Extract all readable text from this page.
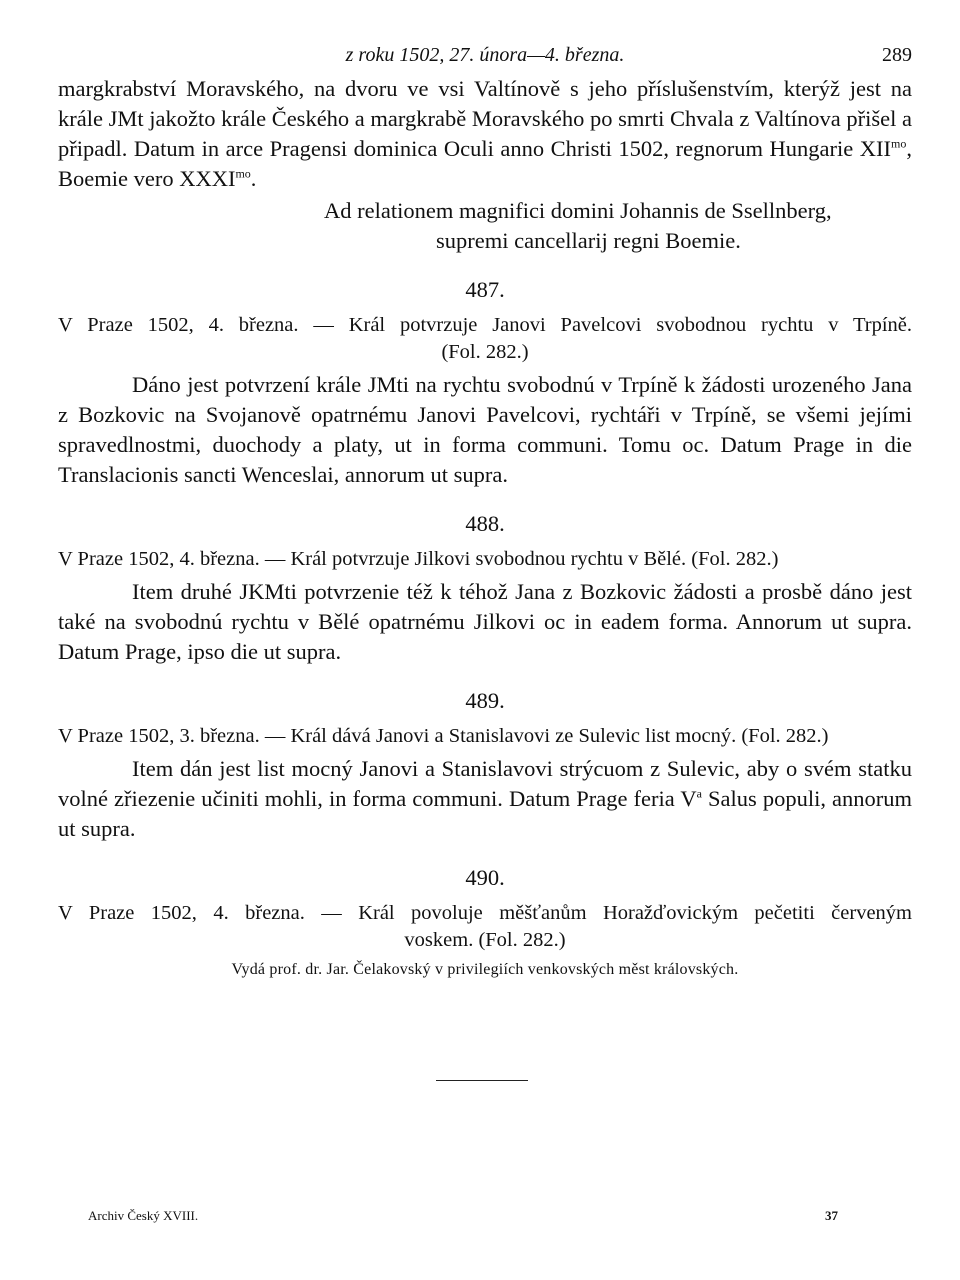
z roku 1502, 27. února—4. března.	289

margkrabství Moravského, na dvoru ve vsi Valtínově s jeho příslušenstvím, kterýž jest na krále JMt jakožto krále Českého a margkrabě Moravského po smrti Chvala z Valtínova přišel a připadl. Datum in arce Pragensi dominica Oculi anno Christi 1502, regnorum Hungarie $XII^{mo}$, Boemie vero $XXXI^{mo}$.

Ad relationem magnifici domini Johannis de Ssellnberg,
supremi cancellarij regni Boemie.
487.
V Praze 1502, 4. března. — Král potvrzuje Janovi Pavelcovi svobodnou rychtu v Trpíně.
(Fol. 282.)

Dáno jest potvrzení krále JMti na rychtu svobodnú v Trpíně k žádosti urozeného Jana z Bozkovic na Svojanově opatrnému Janovi Pavelcovi, rychtáři v Trpíně, se všemi jejími spravedlnostmi, duochody a platy, ut in forma communi. Tomu oc. Datum Prage in die Translacionis sancti Wenceslai, annorum ut supra.

488.
V Praze 1502, 4. března. — Král potvrzuje Jilkovi svobodnou rychtu v Bělé. (Fol. 282.)

Item druhé JKMti potvrzenie též k téhož Jana z Bozkovic žádosti a prosbě dáno jest také na svobodnú rychtu v Bělé opatrnému Jilkovi oc in eadem forma. Annorum ut supra. Datum Prage, ipso die ut supra.

489.
V Praze 1502, 3. března. — Král dává Janovi a Stanislavovi ze Sulevic list mocný. (Fol. 282.)

Item dán jest list mocný Janovi a Stanislavovi strýcuom z Sulevic, aby o svém statku volné zřiezenie učiniti mohli, in forma communi. Datum Prage feria $V^a$ Salus populi, annorum ut supra.

490.
V Praze 1502, 4. března. — Král povoluje měšťanům Horažďovickým pečetiti červeným
voskem. (Fol. 282.)
Vydá prof. dr. Jar. Čelakovský v privilegiích venkovských měst královských.
Archiv Český XVIII.	37
